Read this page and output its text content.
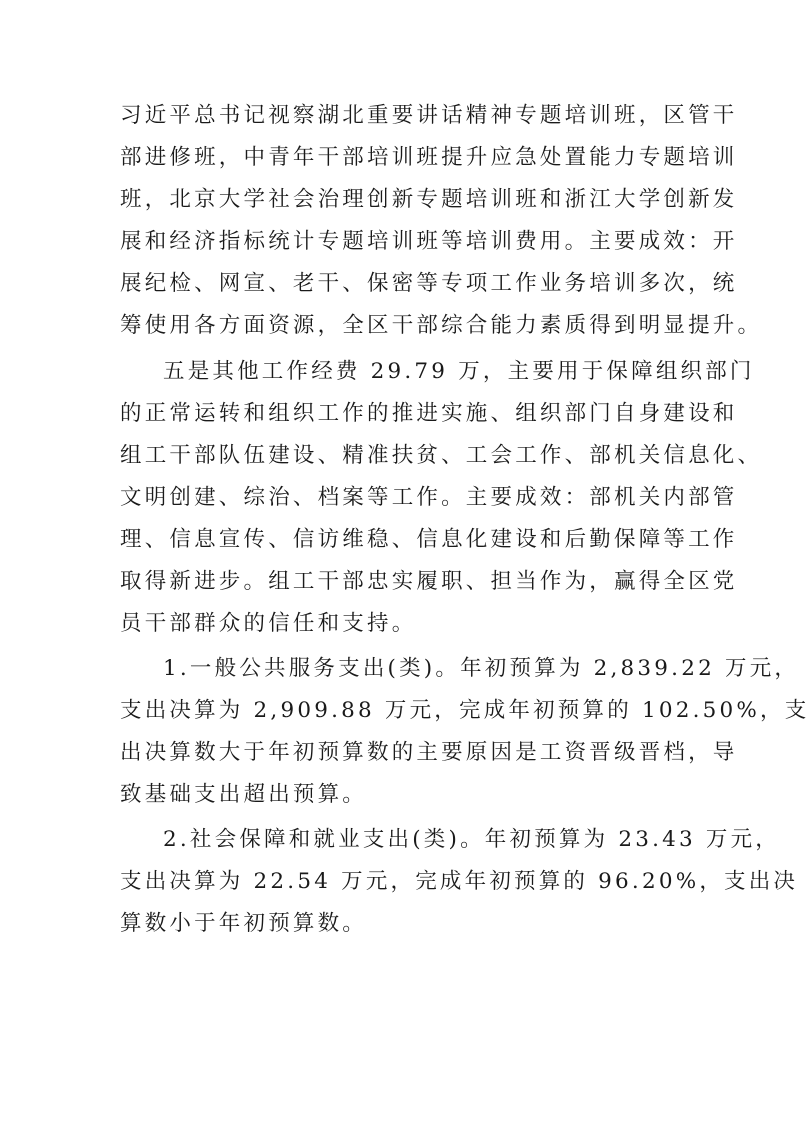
习近平总书记视察湖北重要讲话精神专题培训班，区管干
部进修班，中青年干部培训班提升应急处置能力专题培训
班，北京大学社会治理创新专题培训班和浙江大学创新发
展和经济指标统计专题培训班等培训费用。主要成效：开
展纪检、网宣、老干、保密等专项工作业务培训多次，统
筹使用各方面资源，全区干部综合能力素质得到明显提升。
五是其他工作经费 29.79 万，主要用于保障组织部门
的正常运转和组织工作的推进实施、组织部门自身建设和
组工干部队伍建设、精准扶贫、工会工作、部机关信息化、
文明创建、综治、档案等工作。主要成效：部机关内部管
理、信息宣传、信访维稳、信息化建设和后勤保障等工作
取得新进步。组工干部忠实履职、担当作为，赢得全区党
员干部群众的信任和支持。
1.一般公共服务支出(类)。年初预算为 2,839.22 万元，
支出决算为 2,909.88 万元，完成年初预算的 102.50%，支
出决算数大于年初预算数的主要原因是工资晋级晋档，导
致基础支出超出预算。
2.社会保障和就业支出(类)。年初预算为 23.43 万元，
支出决算为 22.54 万元，完成年初预算的 96.20%，支出决
算数小于年初预算数。
